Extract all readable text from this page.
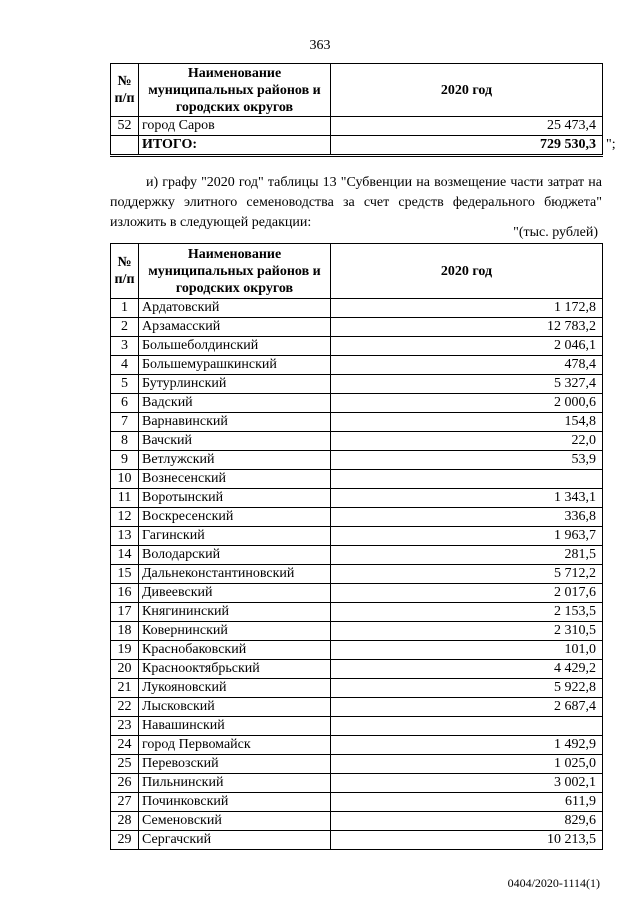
363
№ п/п	Наименование муниципальных районов и городских округов	2020 год
52	город Саров	25 473,4
	ИТОГО:	729 530,3 ";
и) графу "2020 год" таблицы 13 "Субвенции на возмещение части затрат на поддержку элитного семеноводства за счет средств федерального бюджета" изложить в следующей редакции:
"(тыс. рублей)
№ п/п	Наименование муниципальных районов и городских округов	2020 год
1	Ардатовский	1 172,8
2	Арзамасский	12 783,2
3	Большеболдинский	2 046,1
4	Большемурашкинский	478,4
5	Бутурлинский	5 327,4
6	Вадский	2 000,6
7	Варнавинский	154,8
8	Вачский	22,0
9	Ветлужский	53,9
10	Вознесенский	
11	Воротынский	1 343,1
12	Воскресенский	336,8
13	Гагинский	1 963,7
14	Володарский	281,5
15	Дальнеконстантиновский	5 712,2
16	Дивеевский	2 017,6
17	Княгининский	2 153,5
18	Ковернинский	2 310,5
19	Краснобаковский	101,0
20	Краснооктябрьский	4 429,2
21	Лукояновский	5 922,8
22	Лысковский	2 687,4
23	Навашинский	
24	город Первомайск	1 492,9
25	Перевозский	1 025,0
26	Пильнинский	3 002,1
27	Починковский	611,9
28	Семеновский	829,6
29	Сергачский	10 213,5
0404/2020-1114(1)
